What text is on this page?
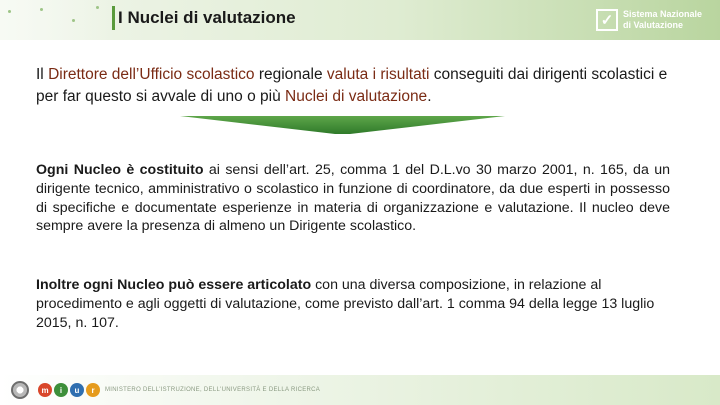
I Nuclei di valutazione	✓	Sistema Nazionale
di Valutazione
Il Direttore dell’Ufficio scolastico regionale valuta i risultati conseguiti dai dirigenti scolastici e per far questo si avvale di uno o più Nuclei di valutazione.
Ogni Nucleo è costituito ai sensi dell’art. 25, comma 1 del D.L.vo 30 marzo 2001, n. 165, da un dirigente tecnico, amministrativo o scolastico in funzione di coordinatore, da due esperti in possesso di specifiche e documentate esperienze in materia di organizzazione e valutazione. Il nucleo deve sempre avere la presenza di almeno un Dirigente scolastico.
Inoltre ogni Nucleo può essere articolato con una diversa composizione, in relazione al procedimento e agli oggetti di valutazione, come previsto dall’art. 1 comma 94 della legge 13 luglio 2015, n. 107.
m	i	u	r	MINISTERO DELL'ISTRUZIONE, DELL'UNIVERSITÀ E DELLA RICERCA
